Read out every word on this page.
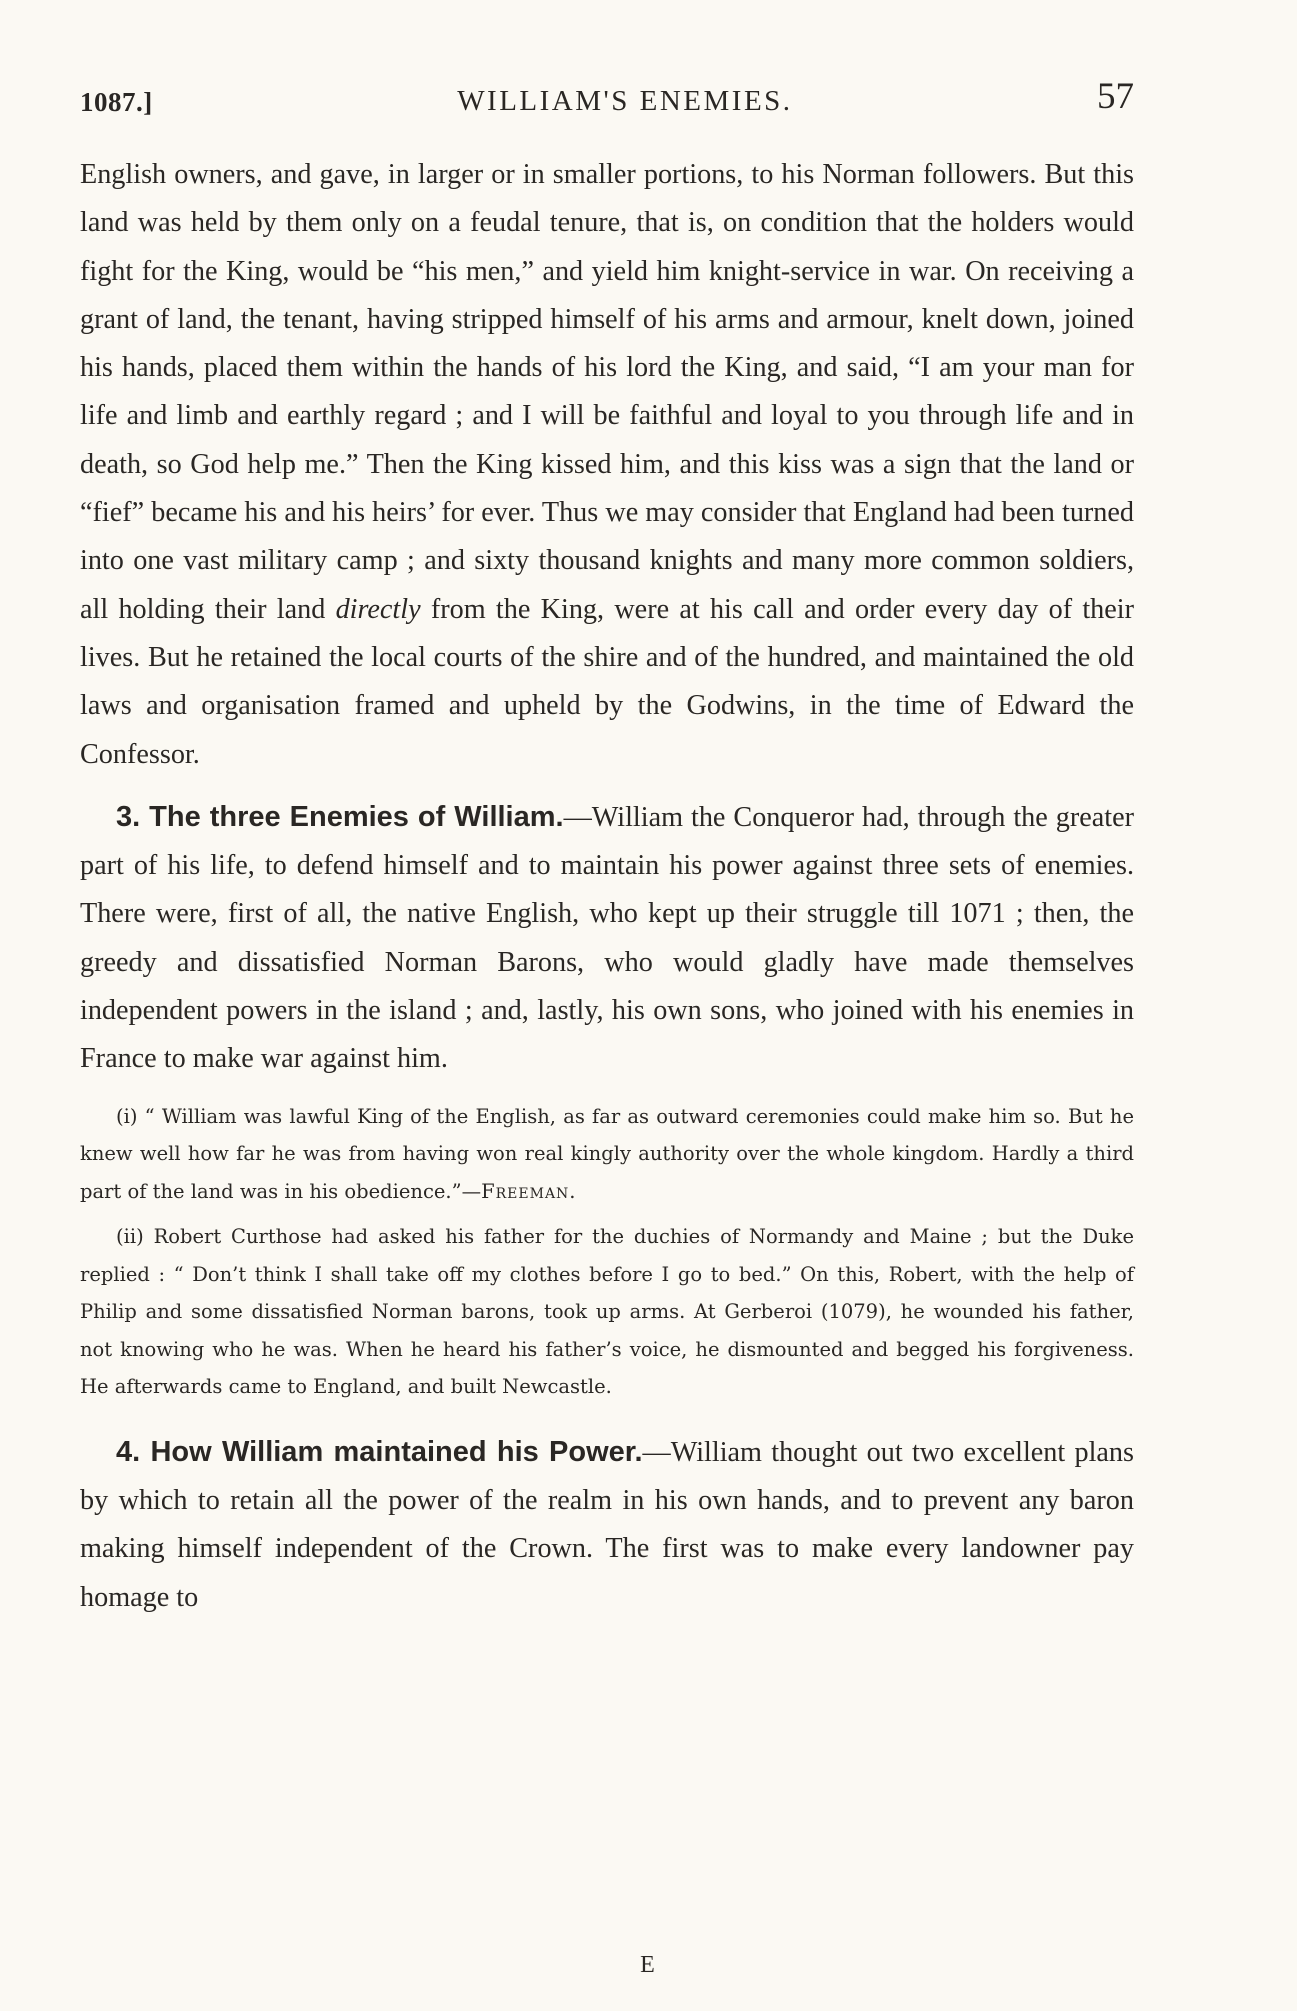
1087.]	WILLIAM'S ENEMIES.	57

English owners, and gave, in larger or in smaller portions, to his Norman followers. But this land was held by them only on a feudal tenure, that is, on condition that the holders would fight for the King, would be “his men,” and yield him knight-service in war. On receiving a grant of land, the tenant, having stripped himself of his arms and armour, knelt down, joined his hands, placed them within the hands of his lord the King, and said, “I am your man for life and limb and earthly regard ; and I will be faithful and loyal to you through life and in death, so God help me.” Then the King kissed him, and this kiss was a sign that the land or “fief” became his and his heirs’ for ever. Thus we may consider that England had been turned into one vast military camp ; and sixty thousand knights and many more common soldiers, all holding their land directly from the King, were at his call and order every day of their lives. But he retained the local courts of the shire and of the hundred, and maintained the old laws and organisation framed and upheld by the Godwins, in the time of Edward the Confessor.

3. The three Enemies of William.—William the Conqueror had, through the greater part of his life, to defend himself and to maintain his power against three sets of enemies. There were, first of all, the native English, who kept up their struggle till 1071 ; then, the greedy and dissatisfied Norman Barons, who would gladly have made themselves independent powers in the island ; and, lastly, his own sons, who joined with his enemies in France to make war against him.

(i) “ William was lawful King of the English, as far as outward ceremonies could make him so. But he knew well how far he was from having won real kingly authority over the whole kingdom. Hardly a third part of the land was in his obedience.”—Freeman.

(ii) Robert Curthose had asked his father for the duchies of Normandy and Maine ; but the Duke replied : “ Don’t think I shall take off my clothes before I go to bed.” On this, Robert, with the help of Philip and some dissatisfied Norman barons, took up arms. At Gerberoi (1079), he wounded his father, not knowing who he was. When he heard his father’s voice, he dismounted and begged his forgiveness. He afterwards came to England, and built Newcastle.

4. How William maintained his Power.—William thought out two excellent plans by which to retain all the power of the realm in his own hands, and to prevent any baron making himself independent of the Crown. The first was to make every landowner pay homage to

E
